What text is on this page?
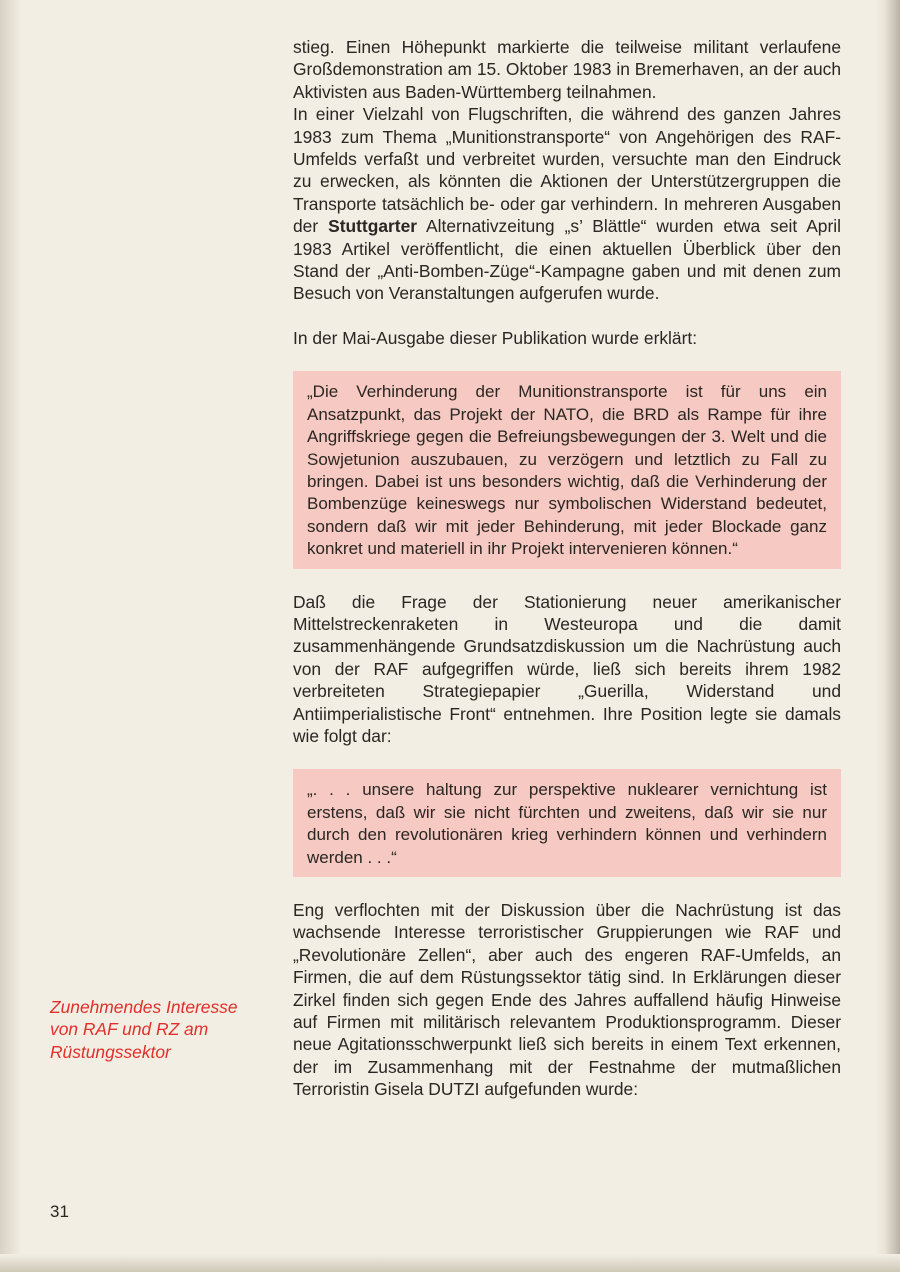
stieg. Einen Höhepunkt markierte die teilweise militant verlaufene Großdemonstration am 15. Oktober 1983 in Bremerhaven, an der auch Aktivisten aus Baden-Württemberg teilnahmen.

In einer Vielzahl von Flugschriften, die während des ganzen Jahres 1983 zum Thema „Munitionstransporte“ von Angehörigen des RAF-Umfelds verfaßt und verbreitet wurden, versuchte man den Eindruck zu erwecken, als könnten die Aktionen der Unterstützergruppen die Transporte tatsächlich be- oder gar verhindern. In mehreren Ausgaben der Stuttgarter Alternativzeitung „s’ Blättle“ wurden etwa seit April 1983 Artikel veröffentlicht, die einen aktuellen Überblick über den Stand der „Anti-Bomben-Züge“-Kampagne gaben und mit denen zum Besuch von Veranstaltungen aufgerufen wurde.

In der Mai-Ausgabe dieser Publikation wurde erklärt:

„Die Verhinderung der Munitionstransporte ist für uns ein Ansatzpunkt, das Projekt der NATO, die BRD als Rampe für ihre Angriffskriege gegen die Befreiungsbewegungen der 3. Welt und die Sowjetunion auszubauen, zu verzögern und letztlich zu Fall zu bringen. Dabei ist uns besonders wichtig, daß die Verhinderung der Bombenzüge keineswegs nur symbolischen Widerstand bedeutet, sondern daß wir mit jeder Behinderung, mit jeder Blockade ganz konkret und materiell in ihr Projekt intervenieren können.“

Daß die Frage der Stationierung neuer amerikanischer Mittelstreckenraketen in Westeuropa und die damit zusammenhängende Grundsatzdiskussion um die Nachrüstung auch von der RAF aufgegriffen würde, ließ sich bereits ihrem 1982 verbreiteten Strategiepapier „Guerilla, Widerstand und Antiimperialistische Front“ entnehmen. Ihre Position legte sie damals wie folgt dar:

„. . . unsere haltung zur perspektive nuklearer vernichtung ist erstens, daß wir sie nicht fürchten und zweitens, daß wir sie nur durch den revolutionären krieg verhindern können und verhindern werden . . .“

Eng verflochten mit der Diskussion über die Nachrüstung ist das wachsende Interesse terroristischer Gruppierungen wie RAF und „Revolutionäre Zellen“, aber auch des engeren RAF-Umfelds, an Firmen, die auf dem Rüstungssektor tätig sind. In Erklärungen dieser Zirkel finden sich gegen Ende des Jahres auffallend häufig Hinweise auf Firmen mit militärisch relevantem Produktionsprogramm. Dieser neue Agitationsschwerpunkt ließ sich bereits in einem Text erkennen, der im Zusammenhang mit der Festnahme der mutmaßlichen Terroristin Gisela DUTZI aufgefunden wurde:

Zunehmendes Interesse von RAF und RZ am Rüstungssektor
31
